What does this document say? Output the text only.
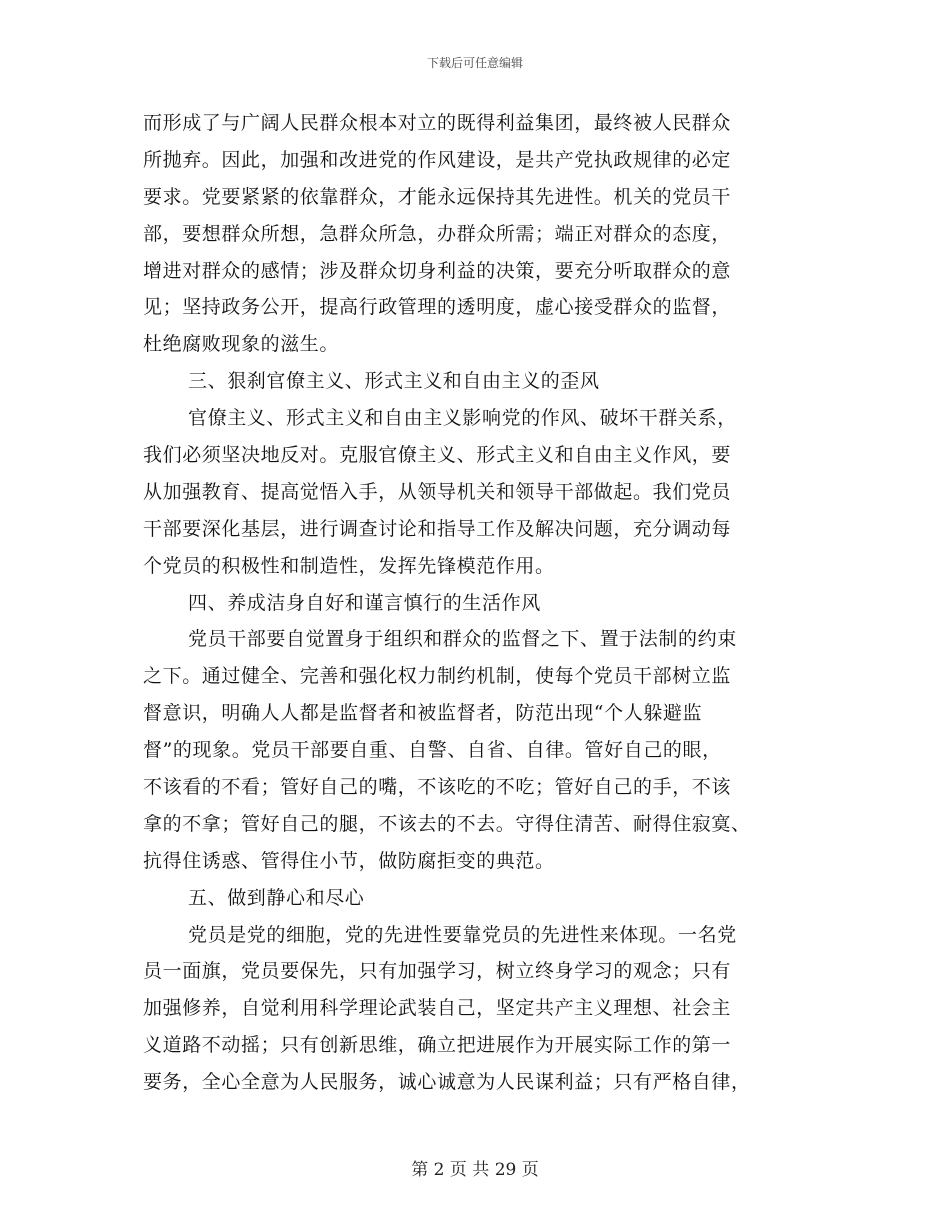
下载后可任意编辑
而形成了与广阔人民群众根本对立的既得利益集团，最终被人民群众
所抛弃。因此，加强和改进党的作风建设，是共产党执政规律的必定
要求。党要紧紧的依靠群众，才能永远保持其先进性。机关的党员干
部，要想群众所想，急群众所急，办群众所需；端正对群众的态度，
增进对群众的感情；涉及群众切身利益的决策，要充分听取群众的意
见；坚持政务公开，提高行政管理的透明度，虚心接受群众的监督，
杜绝腐败现象的滋生。
三、狠刹官僚主义、形式主义和自由主义的歪风
官僚主义、形式主义和自由主义影响党的作风、破坏干群关系，
我们必须坚决地反对。克服官僚主义、形式主义和自由主义作风，要
从加强教育、提高觉悟入手，从领导机关和领导干部做起。我们党员
干部要深化基层，进行调查讨论和指导工作及解决问题，充分调动每
个党员的积极性和制造性，发挥先锋模范作用。
四、养成洁身自好和谨言慎行的生活作风
党员干部要自觉置身于组织和群众的监督之下、置于法制的约束
之下。通过健全、完善和强化权力制约机制，使每个党员干部树立监
督意识，明确人人都是监督者和被监督者，防范出现“个人躲避监
督”的现象。党员干部要自重、自警、自省、自律。管好自己的眼，
不该看的不看；管好自己的嘴，不该吃的不吃；管好自己的手，不该
拿的不拿；管好自己的腿，不该去的不去。守得住清苦、耐得住寂寞、
抗得住诱惑、管得住小节，做防腐拒变的典范。
五、做到静心和尽心
党员是党的细胞，党的先进性要靠党员的先进性来体现。一名党
员一面旗，党员要保先，只有加强学习，树立终身学习的观念；只有
加强修养，自觉利用科学理论武装自己，坚定共产主义理想、社会主
义道路不动摇；只有创新思维，确立把进展作为开展实际工作的第一
要务，全心全意为人民服务，诚心诚意为人民谋利益；只有严格自律，
第 2 页 共 29 页
